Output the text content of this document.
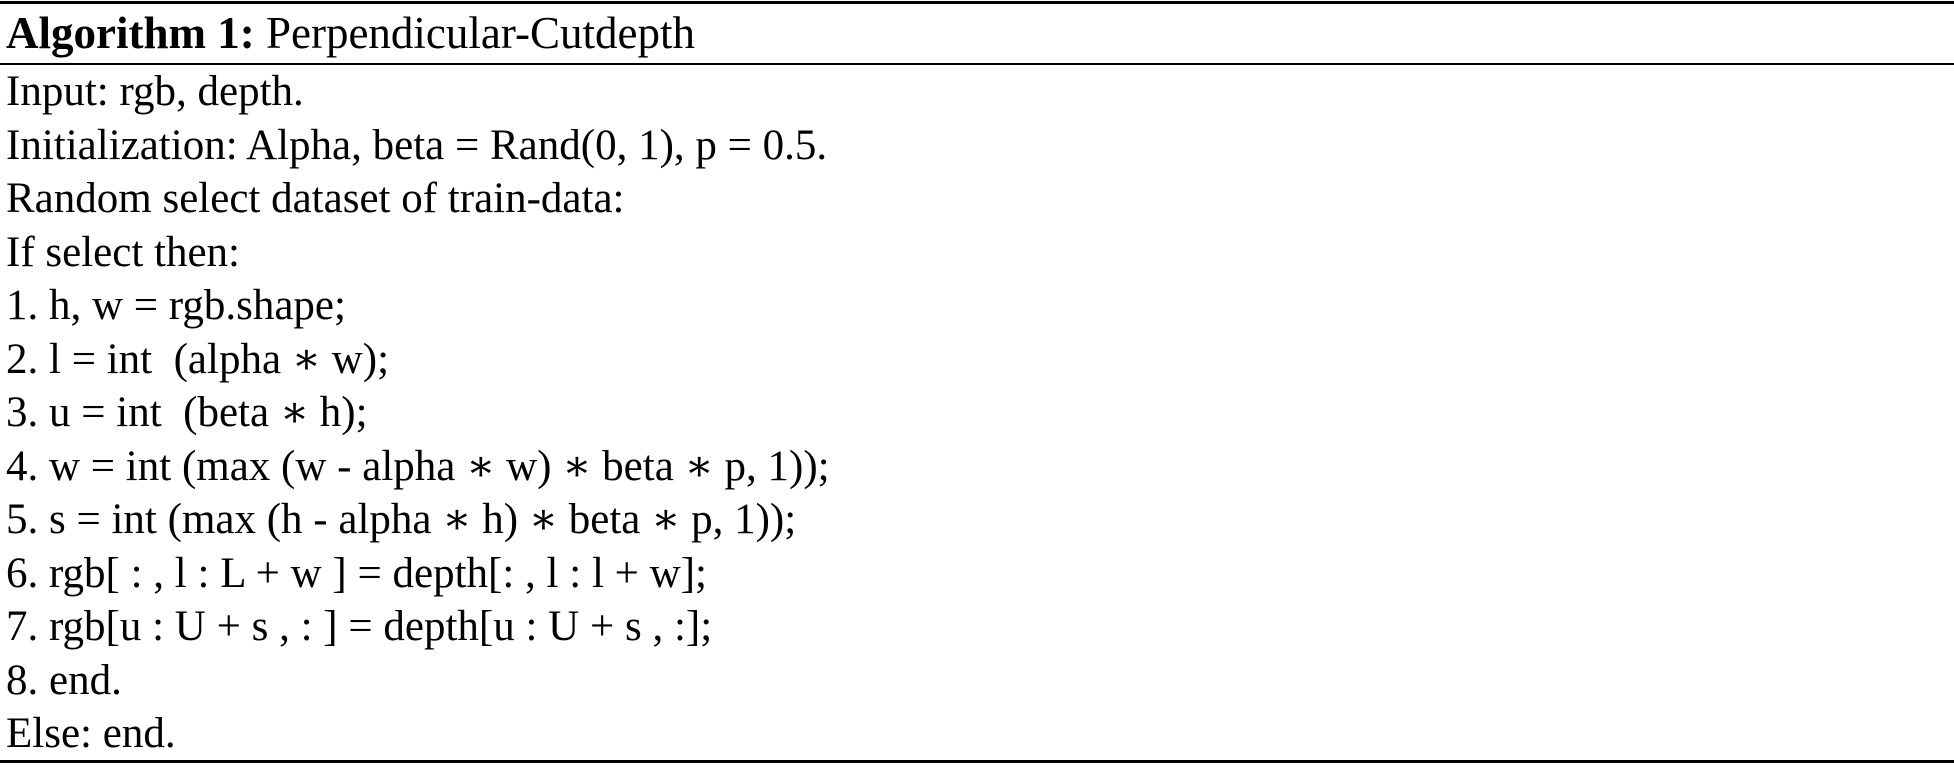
Algorithm 1: Perpendicular-Cutdepth
Input: rgb, depth.
Initialization: Alpha, beta = Rand(0, 1), p = 0.5.
Random select dataset of train-data:
If select then:
1. h, w = rgb.shape;
2. l = int  (alpha ∗ w);
3. u = int  (beta ∗ h);
4. w = int (max (w - alpha ∗ w) ∗ beta ∗ p, 1));
5. s = int (max (h - alpha ∗ h) ∗ beta ∗ p, 1));
6. rgb[ : , l : L + w ] = depth[: , l : l + w];
7. rgb[u : U + s , : ] = depth[u : U + s , :];
8. end.
Else: end.
